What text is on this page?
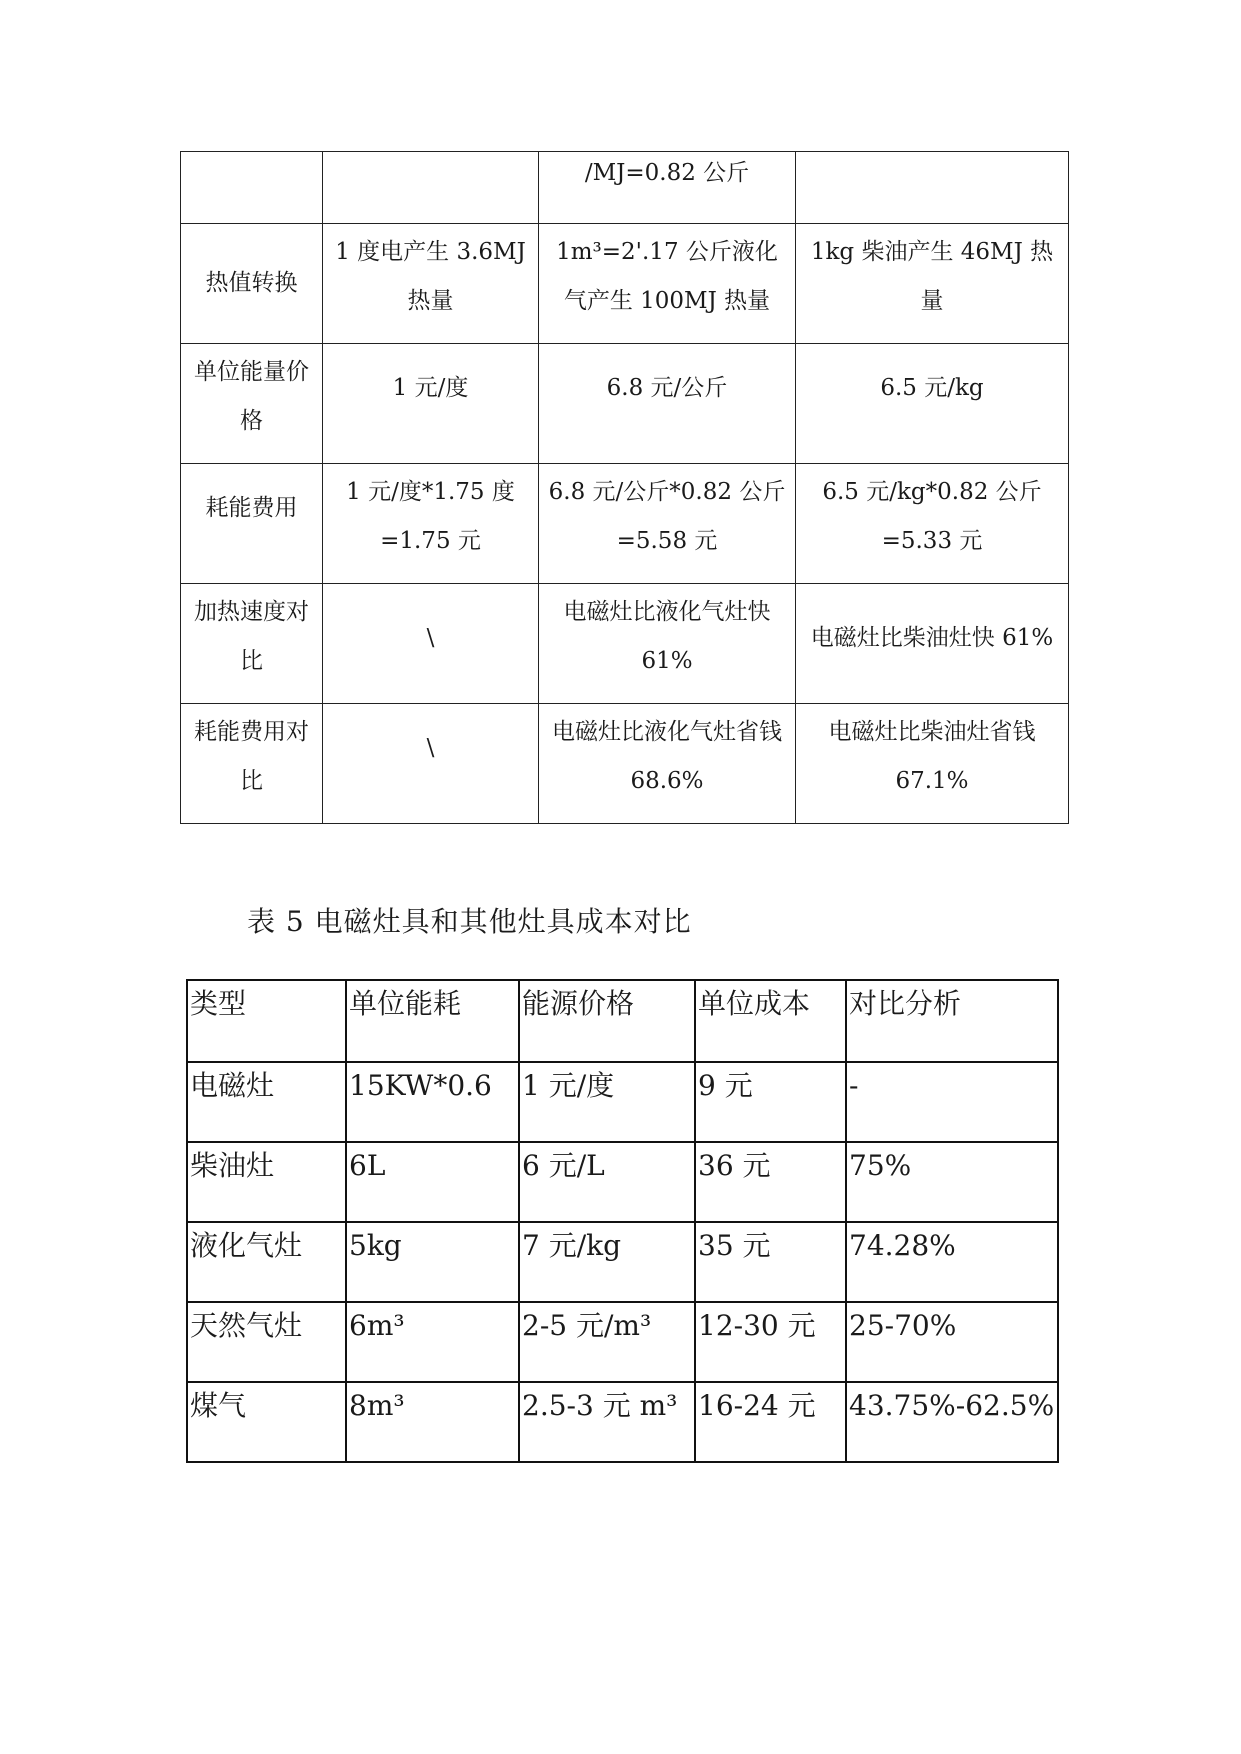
		/MJ=0.82 公斤	
热值转换	1 度电产生 3.6MJ 热量	1m³=2'.17 公斤液化气产生 100MJ 热量	1kg 柴油产生 46MJ 热量
单位能量价格	1 元/度	6.8 元/公斤	6.5 元/kg
耗能费用	1 元/度*1.75 度=1.75 元	6.8 元/公斤*0.82 公斤=5.58 元	6.5 元/kg*0.82 公斤=5.33 元
加热速度对比	\	电磁灶比液化气灶快 61%	电磁灶比柴油灶快 61%
耗能费用对比	\	电磁灶比液化气灶省钱 68.6%	电磁灶比柴油灶省钱 67.1%
表 5 电磁灶具和其他灶具成本对比
类型	单位能耗	能源价格	单位成本	对比分析
电磁灶	15KW*0.6	1 元/度	9 元	-
柴油灶	6L	6 元/L	36 元	75%
液化气灶	5kg	7 元/kg	35 元	74.28%
天然气灶	6m³	2-5 元/m³	12-30 元	25-70%
煤气	8m³	2.5-3 元 m³	16-24 元	43.75%-62.5%
